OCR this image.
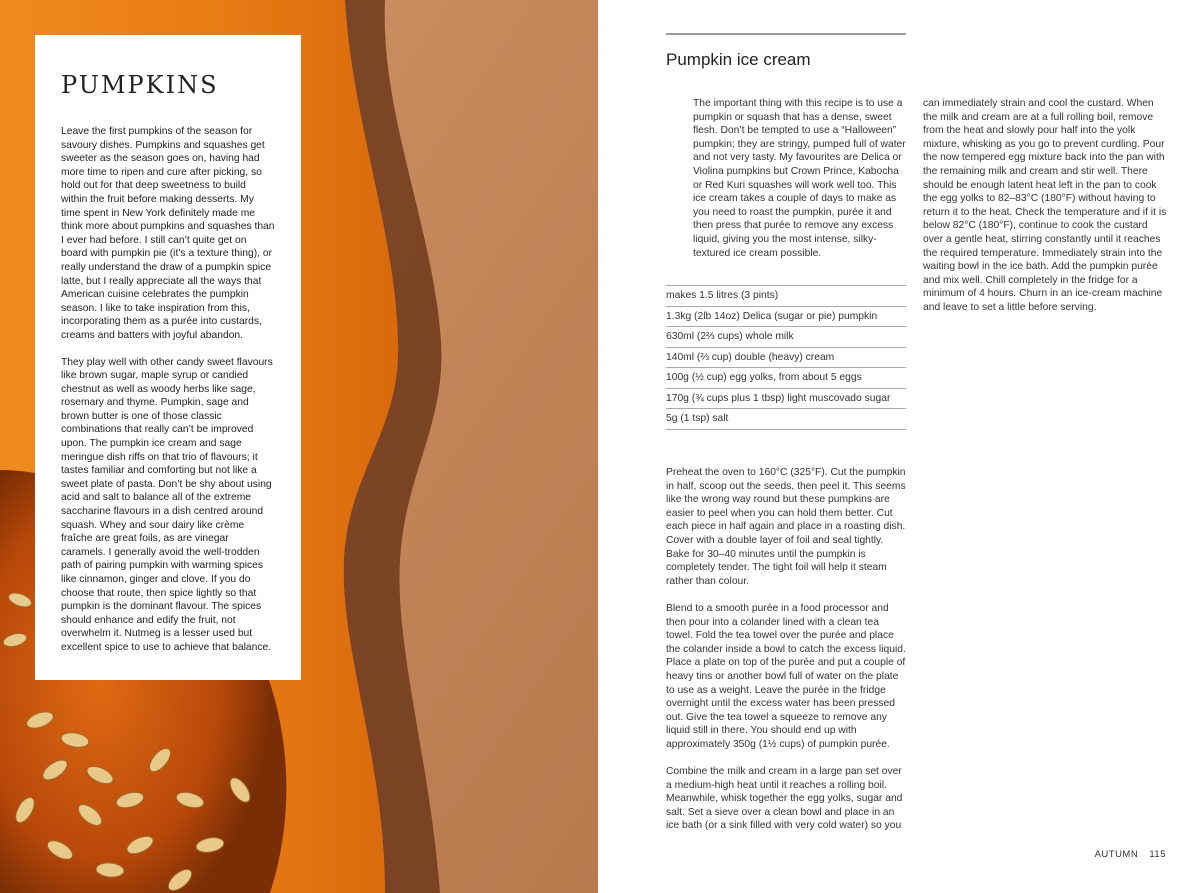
PUMPKINS

Leave the first pumpkins of the season for savoury dishes. Pumpkins and squashes get sweeter as the season goes on, having had more time to ripen and cure after picking, so hold out for that deep sweetness to build within the fruit before making desserts. My time spent in New York definitely made me think more about pumpkins and squashes than I ever had before. I still can’t quite get on board with pumpkin pie (it’s a texture thing), or really understand the draw of a pumpkin spice latte, but I really appreciate all the ways that American cuisine celebrates the pumpkin season. I like to take inspiration from this, incorporating them as a purée into custards, creams and batters with joyful abandon.

They play well with other candy sweet flavours like brown sugar, maple syrup or candied chestnut as well as woody herbs like sage, rosemary and thyme. Pumpkin, sage and brown butter is one of those classic combinations that really can’t be improved upon. The pumpkin ice cream and sage meringue dish riffs on that trio of flavours; it tastes familiar and comforting but not like a sweet plate of pasta. Don’t be shy about using acid and salt to balance all of the extreme saccharine flavours in a dish centred around squash. Whey and sour dairy like crème fraîche are great foils, as are vinegar caramels. I generally avoid the well-trodden path of pairing pumpkin with warming spices like cinnamon, ginger and clove. If you do choose that route, then spice lightly so that pumpkin is the dominant flavour. The spices should enhance and edify the fruit, not overwhelm it. Nutmeg is a lesser used but excellent spice to use to achieve that balance.

Pumpkin ice cream

The important thing with this recipe is to use a pumpkin or squash that has a dense, sweet flesh. Don’t be tempted to use a “Halloween” pumpkin; they are stringy, pumped full of water and not very tasty. My favourites are Delica or Violina pumpkins but Crown Prince, Kabocha or Red Kuri squashes will work well too. This ice cream takes a couple of days to make as you need to roast the pumpkin, purée it and then press that purée to remove any excess liquid, giving you the most intense, silky-textured ice cream possible.

makes 1.5 litres (3 pints)
1.3kg (2lb 14oz) Delica (sugar or pie) pumpkin
630ml (2⅔ cups) whole milk
140ml (⅔ cup) double (heavy) cream
100g (½ cup) egg yolks, from about 5 eggs
170g (¾ cups plus 1 tbsp) light muscovado sugar
5g (1 tsp) salt

Preheat the oven to 160°C (325°F). Cut the pumpkin in half, scoop out the seeds, then peel it. This seems like the wrong way round but these pumpkins are easier to peel when you can hold them better. Cut each piece in half again and place in a roasting dish. Cover with a double layer of foil and seal tightly. Bake for 30–40 minutes until the pumpkin is completely tender. The tight foil will help it steam rather than colour.

Blend to a smooth purée in a food processor and then pour into a colander lined with a clean tea towel. Fold the tea towel over the purée and place the colander inside a bowl to catch the excess liquid. Place a plate on top of the purée and put a couple of heavy tins or another bowl full of water on the plate to use as a weight. Leave the purée in the fridge overnight until the excess water has been pressed out. Give the tea towel a squeeze to remove any liquid still in there. You should end up with approximately 350g (1½ cups) of pumpkin purée.

Combine the milk and cream in a large pan set over a medium-high heat until it reaches a rolling boil. Meanwhile, whisk together the egg yolks, sugar and salt. Set a sieve over a clean bowl and place in an ice bath (or a sink filled with very cold water) so you

can immediately strain and cool the custard. When the milk and cream are at a full rolling boil, remove from the heat and slowly pour half into the yolk mixture, whisking as you go to prevent curdling. Pour the now tempered egg mixture back into the pan with the remaining milk and cream and stir well. There should be enough latent heat left in the pan to cook the egg yolks to 82–83°C (180°F) without having to return it to the heat. Check the temperature and if it is below 82°C (180°F), continue to cook the custard over a gentle heat, stirring constantly until it reaches the required temperature. Immediately strain into the waiting bowl in the ice bath. Add the pumpkin purée and mix well. Chill completely in the fridge for a minimum of 4 hours. Churn in an ice-cream machine and leave to set a little before serving.

AUTUMN 115
